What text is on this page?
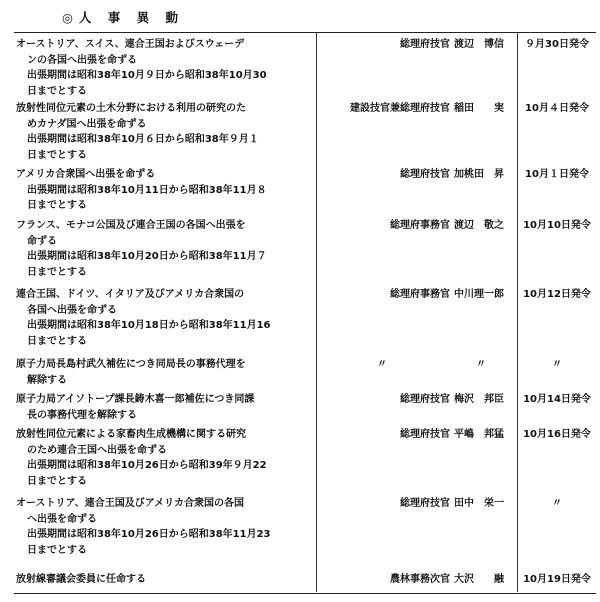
◎人 事 異 動
オーストリア、スイス、連合王国およびスウェーデ
ンの各国へ出張を命ずる
出張期間は昭和38年10月９日から昭和38年10月30
日までとする
総理府技官 渡辺　博信	９月30日発令
放射性同位元素の土木分野における利用の研究のた
めカナダ国へ出張を命ずる
出張期間は昭和38年10月６日から昭和38年９月１
日までとする
建設技官兼総理府技官 稲田　　実	10月４日発令
アメリカ合衆国へ出張を命ずる
出張期間は昭和38年10月11日から昭和38年11月８
日までとする
総理府技官 加桃田　昇	10月１日発令
フランス、モナコ公国及び連合王国の各国へ出張を
命ずる
出張期間は昭和38年10月20日から昭和38年11月７
日までとする
総理府事務官 渡辺　敬之	10月10日発令
連合王国、ドイツ、イタリア及びアメリカ合衆国の
各国へ出張を命ずる
出張期間は昭和38年10月18日から昭和38年11月16
日までとする
総理府事務官 中川理一郎	10月12日発令
原子力局長島村武久補佐につき同局長の事務代理を
解除する
〃	〃	〃
原子力局アイソトープ課長鋳木喜一郎補佐につき同課
長の事務代理を解除する
総理府技官 梅沢　邦臣	10月14日発令
放射性同位元素による家畜肉生成機構に関する研究
のため連合王国へ出張を命ずる
出張期間は昭和38年10月26日から昭和39年９月22
日までとする
総理府技官 平嶋　邦猛	10月16日発令
オーストリア、連合王国及びアメリカ合衆国の各国
へ出張を命ずる
出張期間は昭和38年10月26日から昭和38年11月23
日までとする
総理府技官 田中　栄一	〃
放射線審議会委員に任命する	農林事務次官 大沢　　融	10月19日発令
